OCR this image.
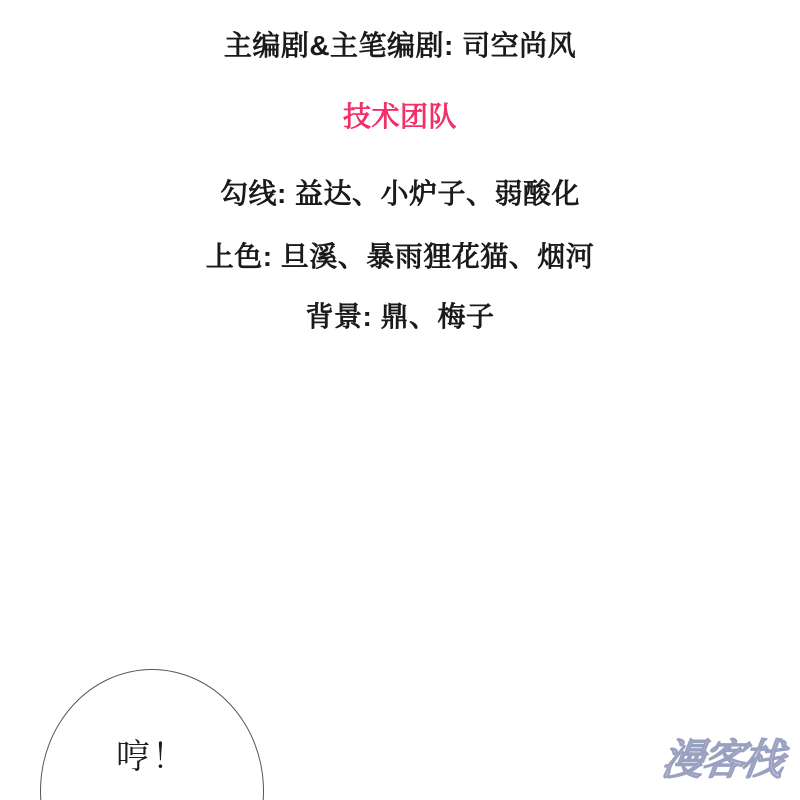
主编剧&主笔编剧: 司空尚风
技术团队
勾线: 益达、小炉子、弱酸化
上色: 旦溪、暴雨狸花猫、烟河
背景: 鼎、梅子
哼！	漫客栈
